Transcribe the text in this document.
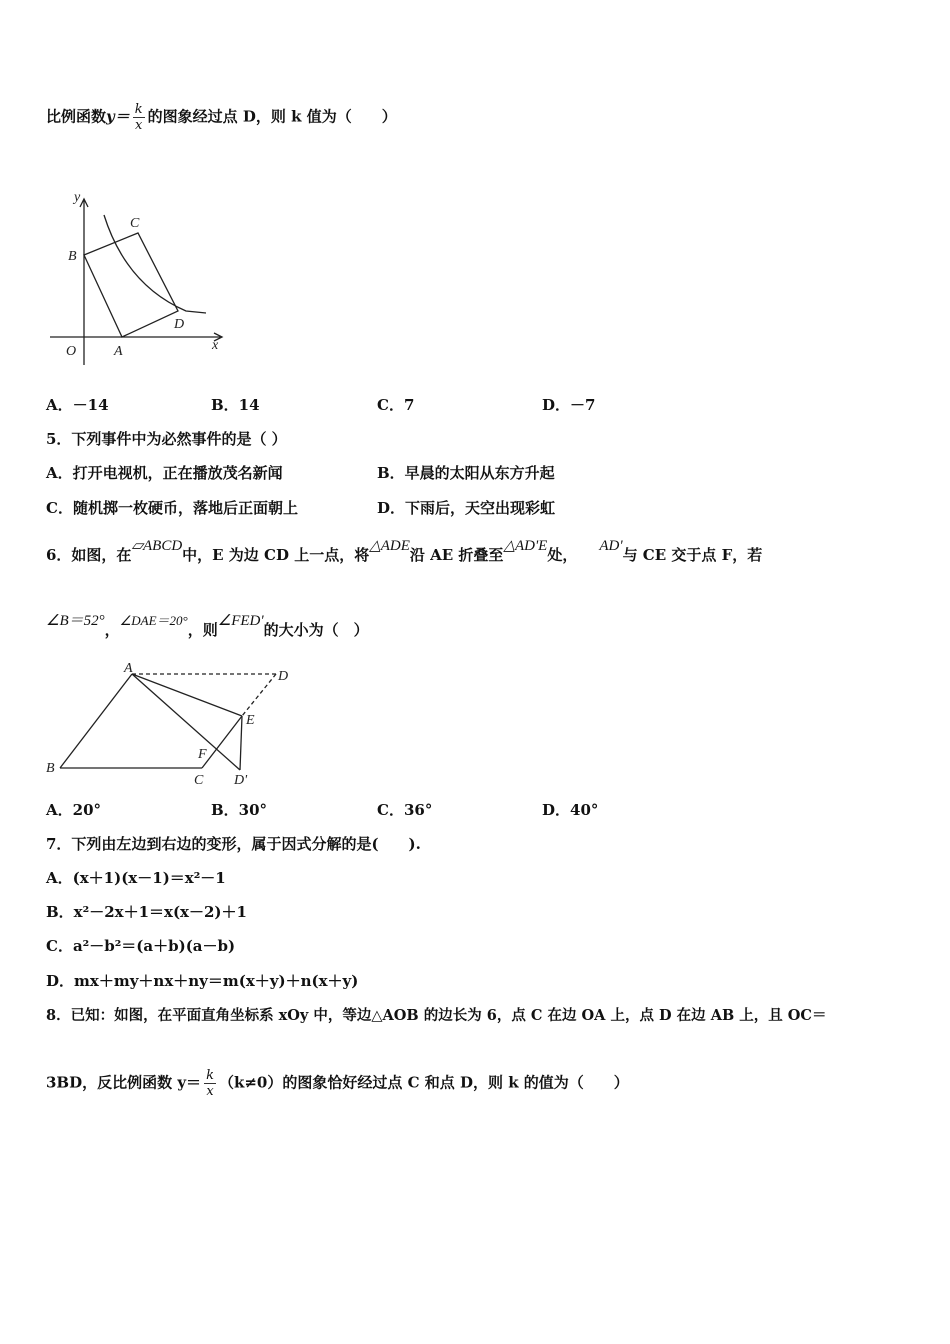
比例函数$y= \frac{k}{x}$ 的图象经过点 D，则 k 值为（　　）
y
x
O	A
B
C
D
A．－14	B．14	C．7	D．－7
5．下列事件中为必然事件的是（ ）
A．打开电视机，正在播放茂名新闻	B．早晨的太阳从东方升起
C．随机掷一枚硬币，落地后正面朝上	D．下雨后，天空出现彩虹
6．如图，在▱ABCD中，E 为边 CD 上一点，将△ADE沿 AE 折叠至△AD'E处， AD'与 CE 交于点 F，若
∠B＝52°，∠DAE＝20°，则∠FED'的大小为（　）
A
B
C
D
E
F
D'
A．20°	B．30°	C．36°	D．40°
7．下列由左边到右边的变形，属于因式分解的是(　　).
A．(x＋1)(x－1)＝x²－1
B．x²－2x＋1＝x(x－2)＋1
C．a²－b²＝(a＋b)(a－b)
D．mx＋my＋nx＋ny＝m(x＋y)＋n(x＋y)
8．已知：如图，在平面直角坐标系 xOy 中，等边△AOB 的边长为 6，点 C 在边 OA 上，点 D 在边 AB 上，且 OC＝
3BD，反比例函数 $y= \frac{k}{x} (k\ne 0)$的图象恰好经过点 C 和点 D，则 k 的值为（　　）
